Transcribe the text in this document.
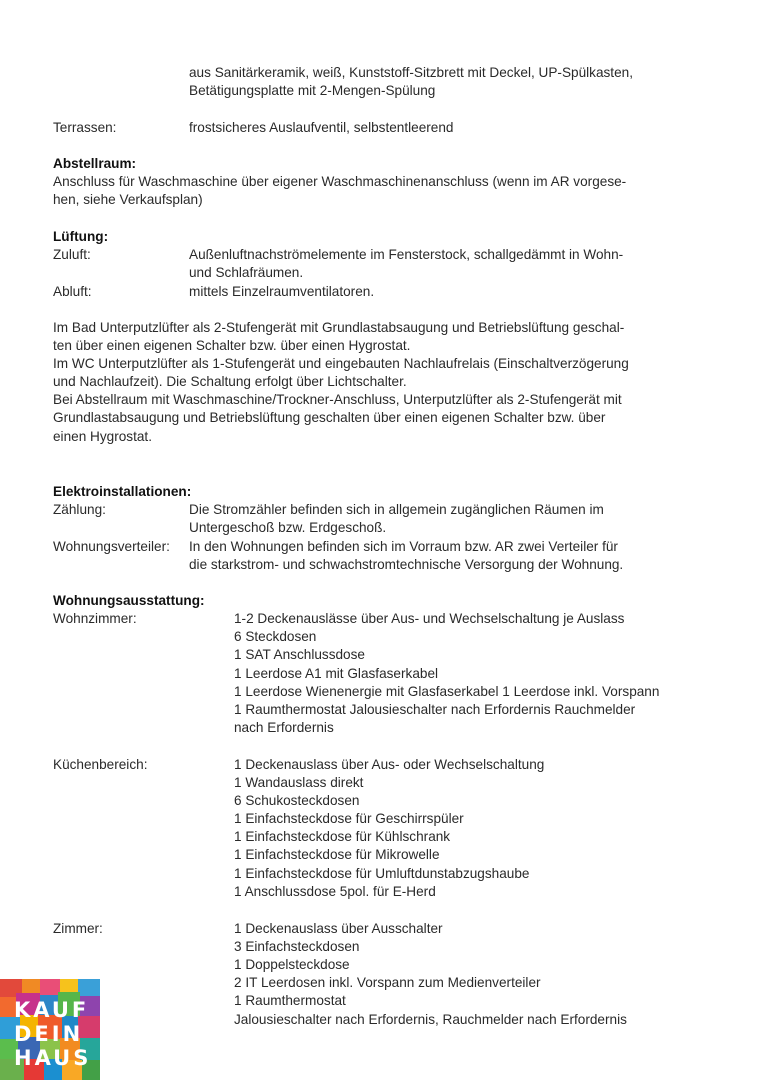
aus Sanitärkeramik, weiß, Kunststoff-Sitzbrett mit Deckel, UP-Spülkasten,
Betätigungsplatte mit 2-Mengen-Spülung
Terrassen:	frostsicheres Auslaufventil, selbstentleerend
Abstellraum:
Anschluss für Waschmaschine über eigener Waschmaschinenanschluss (wenn im AR vorgese-
hen, siehe Verkaufsplan)
Lüftung:
Zuluft:	Außenluftnachströmelemente im Fensterstock, schallgedämmt in Wohn-
und Schlafräumen.
Abluft:	mittels Einzelraumventilatoren.
Im Bad Unterputzlüfter als 2-Stufengerät mit Grundlastabsaugung und Betriebslüftung geschal-
ten über einen eigenen Schalter bzw. über einen Hygrostat.
Im WC Unterputzlüfter als 1-Stufengerät und eingebauten Nachlaufrelais (Einschaltverzögerung
und Nachlaufzeit). Die Schaltung erfolgt über Lichtschalter.
Bei Abstellraum mit Waschmaschine/Trockner-Anschluss, Unterputzlüfter als 2-Stufengerät mit
Grundlastabsaugung und Betriebslüftung geschalten über einen eigenen Schalter bzw. über
einen Hygrostat.
Elektroinstallationen:
Zählung:	Die Stromzähler befinden sich in allgemein zugänglichen Räumen im
Untergeschoß bzw. Erdgeschoß.
Wohnungsverteiler: In den Wohnungen befinden sich im Vorraum bzw. AR zwei Verteiler für
die starkstrom- und schwachstromtechnische Versorgung der Wohnung.
Wohnungsausstattung:
Wohnzimmer:	1-2 Deckenauslässe über Aus- und Wechselschaltung je Auslass
6 Steckdosen
1 SAT Anschlussdose
1 Leerdose A1 mit Glasfaserkabel
1 Leerdose Wienenergie mit Glasfaserkabel 1 Leerdose inkl. Vorspann
1 Raumthermostat Jalousieschalter nach Erfordernis Rauchmelder
nach Erfordernis
Küchenbereich:	1 Deckenauslass über Aus- oder Wechselschaltung
1 Wandauslass direkt
6 Schukosteckdosen
1 Einfachsteckdose für Geschirrspüler
1 Einfachsteckdose für Kühlschrank
1 Einfachsteckdose für Mikrowelle
1 Einfachsteckdose für Umluftdunstabzugshaube
1 Anschlussdose 5pol. für E-Herd
Zimmer:	1 Deckenauslass über Ausschalter
3 Einfachsteckdosen
1 Doppelsteckdose
2 IT Leerdosen inkl. Vorspann zum Medienverteiler
1 Raumthermostat
Jalousieschalter nach Erfordernis, Rauchmelder nach Erfordernis
KAUF
DEIN
HAUS
